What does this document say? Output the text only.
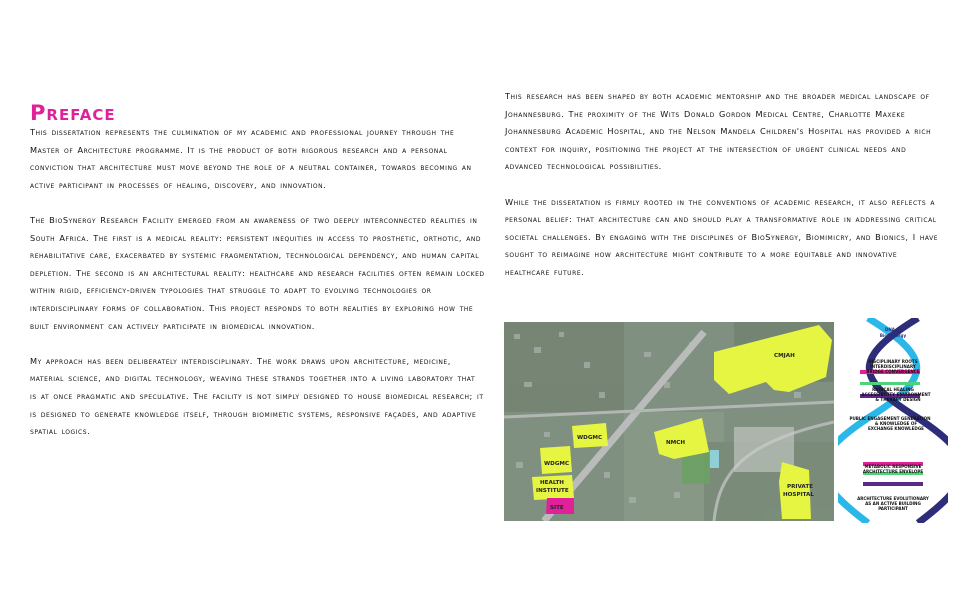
Preface

This dissertation represents the culmination of my academic and professional journey through the Master of Architecture programme. It is the product of both rigorous research and a personal conviction that architecture must move beyond the role of a neutral container, towards becoming an active participant in processes of healing, discovery, and innovation.

The BioSynergy Research Facility emerged from an awareness of two deeply interconnected realities in South Africa. The first is a medical reality: persistent inequities in access to prosthetic, orthotic, and rehabilitative care, exacerbated by systemic fragmentation, technological dependency, and human capital depletion. The second is an architectural reality: healthcare and research facilities often remain locked within rigid, efficiency-driven typologies that struggle to adapt to evolving technologies or interdisciplinary forms of collaboration. This project responds to both realities by exploring how the built environment can actively participate in biomedical innovation.

My approach has been deliberately interdisciplinary. The work draws upon architecture, medicine, material science, and digital technology, weaving these strands together into a living laboratory that is at once pragmatic and speculative. The facility is not simply designed to house biomedical research; it is designed to generate knowledge itself, through biomimetic systems, responsive façades, and adaptive spatial logics.

This research has been shaped by both academic mentorship and the broader medical landscape of Johannesburg. The proximity of the Wits Donald Gordon Medical Centre, Charlotte Maxeke Johannesburg Academic Hospital, and the Nelson Mandela Children's Hospital has provided a rich context for inquiry, positioning the project at the intersection of urgent clinical needs and advanced technological possibilities.

While the dissertation is firmly rooted in the conventions of academic research, it also reflects a personal belief: that architecture can and should play a transformative role in addressing critical societal challenges. By engaging with the disciplines of BioSynergy, Biomimicry, and Bionics, I have sought to reimagine how architecture might contribute to a more equitable and innovative healthcare future.

CMJAH
WDGMC
WDGMC
NMCH
HEALTH
INSTITUTE
SITE
PRIVATE
HOSPITAL
DNA of
BioSynergy
DISCIPLINARY ROOTS
INTERDISCIPLINARY
BRIDGE CONVERGENCE
RADICAL HEALING
ACCESSIBILITY ENVIRONMENT
& THERAPY DESIGN
PUBLIC ENGAGEMENT GENERATION
& KNOWLEDGE OF
EXCHANGE KNOWLEDGE
METABOLIC RESPONSIVE
ARCHITECTURE ENVELOPE
ARCHITECTURE EVOLUTIONARY
AS AN ACTIVE BUILDING
PARTICIPANT
